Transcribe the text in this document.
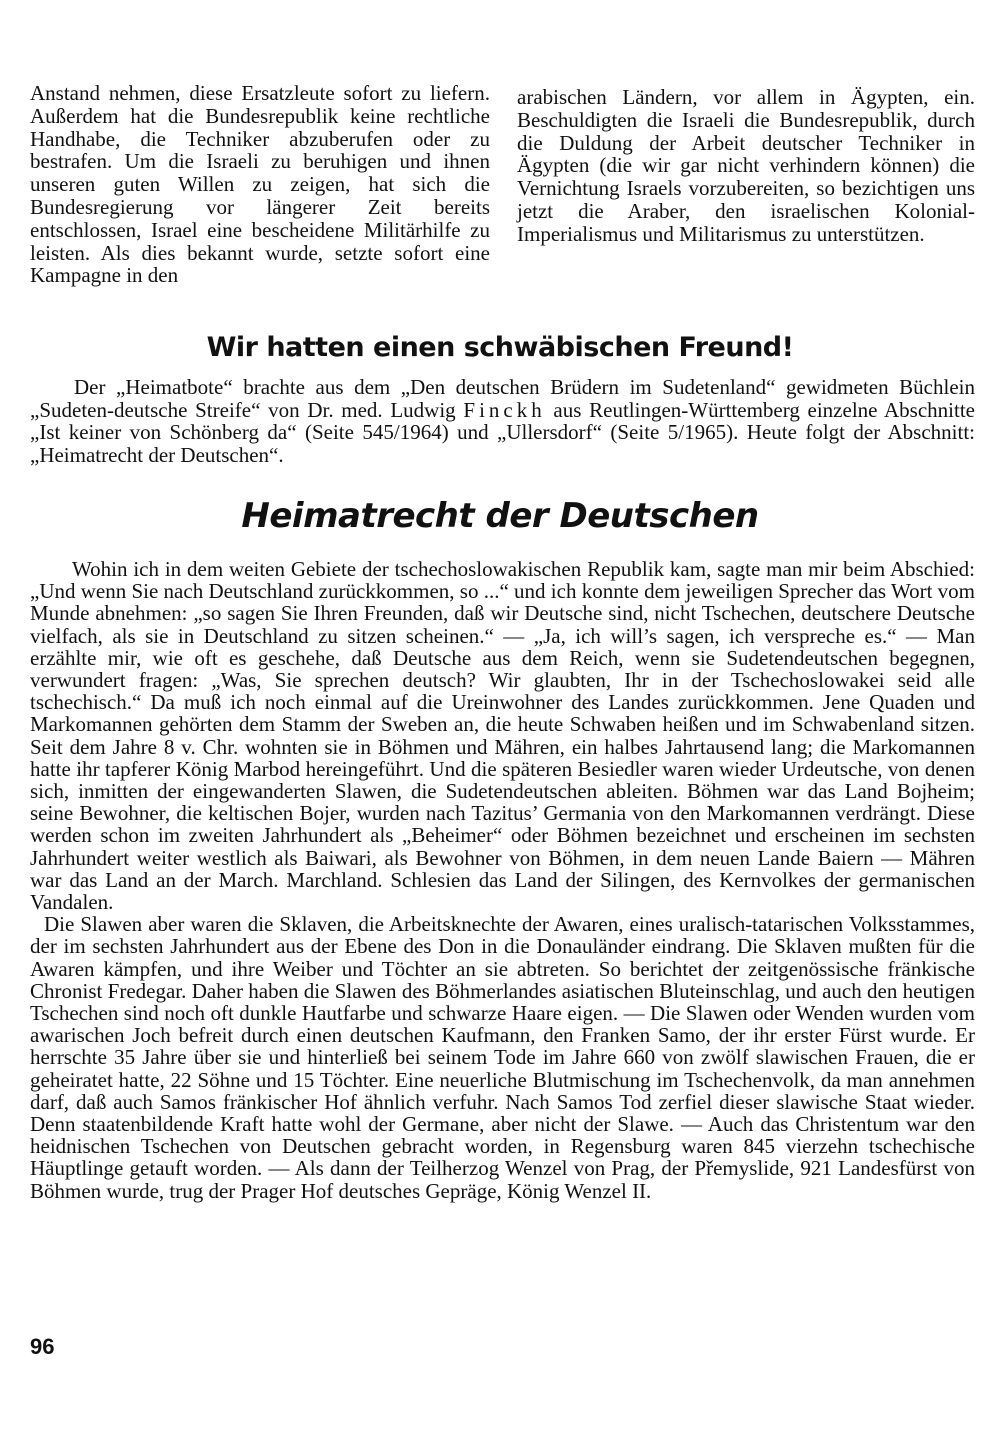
Anstand nehmen, diese Ersatzleute sofort zu liefern. Außerdem hat die Bundesrepublik keine rechtliche Handhabe, die Techniker abzuberufen oder zu bestrafen. Um die Israeli zu beruhigen und ihnen unseren guten Willen zu zeigen, hat sich die Bundesregierung vor längerer Zeit bereits entschlossen, Israel eine bescheidene Militärhilfe zu leisten. Als dies bekannt wurde, setzte sofort eine Kampagne in den

arabischen Ländern, vor allem in Ägypten, ein. Beschuldigten die Israeli die Bundesrepublik, durch die Duldung der Arbeit deutscher Techniker in Ägypten (die wir gar nicht verhindern können) die Vernichtung Israels vorzubereiten, so bezichtigen uns jetzt die Araber, den israelischen Kolonial-Imperialismus und Militarismus zu unterstützen.

Wir hatten einen schwäbischen Freund!

Der „Heimatbote“ brachte aus dem „Den deutschen Brüdern im Sudetenland“ gewidmeten Büchlein „Sudeten-deutsche Streife“ von Dr. med. Ludwig Finckh aus Reutlingen-Württemberg einzelne Abschnitte „Ist keiner von Schönberg da“ (Seite 545/1964) und „Ullersdorf“ (Seite 5/1965). Heute folgt der Abschnitt: „Heimatrecht der Deutschen“.

Heimatrecht der Deutschen

Wohin ich in dem weiten Gebiete der tschechoslowakischen Republik kam, sagte man mir beim Abschied: „Und wenn Sie nach Deutschland zurückkommen, so ...“ und ich konnte dem jeweiligen Sprecher das Wort vom Munde abnehmen: „so sagen Sie Ihren Freunden, daß wir Deutsche sind, nicht Tschechen, deutschere Deutsche vielfach, als sie in Deutschland zu sitzen scheinen.“ — „Ja, ich will’s sagen, ich verspreche es.“ — Man erzählte mir, wie oft es geschehe, daß Deutsche aus dem Reich, wenn sie Sudetendeutschen begegnen, verwundert fragen: „Was, Sie sprechen deutsch? Wir glaubten, Ihr in der Tschechoslowakei seid alle tschechisch.“ Da muß ich noch einmal auf die Ureinwohner des Landes zurückkommen. Jene Quaden und Markomannen gehörten dem Stamm der Sweben an, die heute Schwaben heißen und im Schwabenland sitzen. Seit dem Jahre 8 v. Chr. wohnten sie in Böhmen und Mähren, ein halbes Jahrtausend lang; die Markomannen hatte ihr tapferer König Marbod hereingeführt. Und die späteren Besiedler waren wieder Urdeutsche, von denen sich, inmitten der eingewanderten Slawen, die Sudetendeutschen ableiten. Böhmen war das Land Bojheim; seine Bewohner, die keltischen Bojer, wurden nach Tazitus’ Germania von den Markomannen verdrängt. Diese werden schon im zweiten Jahrhundert als „Beheimer“ oder Böhmen bezeichnet und erscheinen im sechsten Jahrhundert weiter westlich als Baiwari, als Bewohner von Böhmen, in dem neuen Lande Baiern — Mähren war das Land an der March. Marchland. Schlesien das Land der Silingen, des Kernvolkes der germanischen Vandalen.

Die Slawen aber waren die Sklaven, die Arbeitsknechte der Awaren, eines uralisch-tatarischen Volksstammes, der im sechsten Jahrhundert aus der Ebene des Don in die Donauländer eindrang. Die Sklaven mußten für die Awaren kämpfen, und ihre Weiber und Töchter an sie abtreten. So berichtet der zeitgenössische fränkische Chronist Fredegar. Daher haben die Slawen des Böhmerlandes asiatischen Bluteinschlag, und auch den heutigen Tschechen sind noch oft dunkle Hautfarbe und schwarze Haare eigen. — Die Slawen oder Wenden wurden vom awarischen Joch befreit durch einen deutschen Kaufmann, den Franken Samo, der ihr erster Fürst wurde. Er herrschte 35 Jahre über sie und hinterließ bei seinem Tode im Jahre 660 von zwölf slawischen Frauen, die er geheiratet hatte, 22 Söhne und 15 Töchter. Eine neuerliche Blutmischung im Tschechenvolk, da man annehmen darf, daß auch Samos fränkischer Hof ähnlich verfuhr. Nach Samos Tod zerfiel dieser slawische Staat wieder. Denn staatenbildende Kraft hatte wohl der Germane, aber nicht der Slawe. — Auch das Christentum war den heidnischen Tschechen von Deutschen gebracht worden, in Regensburg waren 845 vierzehn tschechische Häuptlinge getauft worden. — Als dann der Teilherzog Wenzel von Prag, der Přemyslide, 921 Landesfürst von Böhmen wurde, trug der Prager Hof deutsches Gepräge, König Wenzel II.

96
